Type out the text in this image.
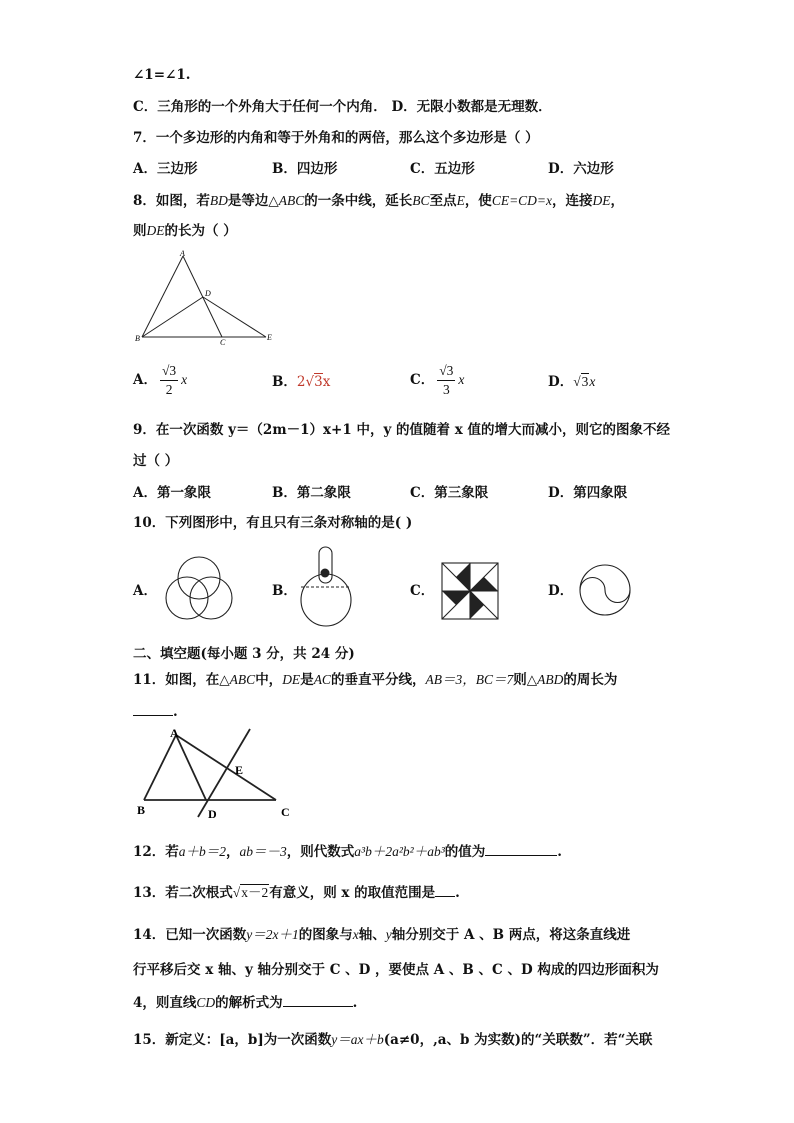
∠1=∠1.
C．三角形的一个外角大于任何一个内角． D．无限小数都是无理数．
7．一个多边形的内角和等于外角和的两倍，那么这个多边形是（ ）
A．三边形	B．四边形	C．五边形	D．六边形
8．如图，若BD是等边△ABC的一条中线，延长BC至点E，使CE=CD=x，连接DE，
则DE的长为（ ）
A
B	C
D
E
A． $\frac{√3}{2}$ x	B．2√3x	C． $\frac{√3}{3}$ x	D．√3x
9．在一次函数 y＝（2m－1）x+1 中，y 的值随着 x 值的增大而减小，则它的图象不经
过（ ）
A．第一象限	B．第二象限	C．第三象限	D．第四象限
10．下列图形中，有且只有三条对称轴的是( )
A．	B．	C．	D．
二、填空题(每小题 3 分，共 24 分)
11．如图，在△ABC中，DE是AC的垂直平分线，AB＝3，BC＝7则△ABD的周长为
.
A
B	C
D
E
12．若a＋b＝2，ab＝－3，则代数式a³b＋2a²b²＋ab³的值为	.
13．若二次根式√x－2有意义，则 x 的取值范围是 .
14．已知一次函数y＝2x＋1的图象与x轴、y轴分别交于 A 、B 两点，将这条直线进
行平移后交 x 轴、y 轴分别交于 C 、D ，要使点 A 、B 、C 、D 构成的四边形面积为
4，则直线CD的解析式为	.
15．新定义：[a，b]为一次函数y＝ax＋b(a≠0，,a、b 为实数)的“关联数”．若“关联
